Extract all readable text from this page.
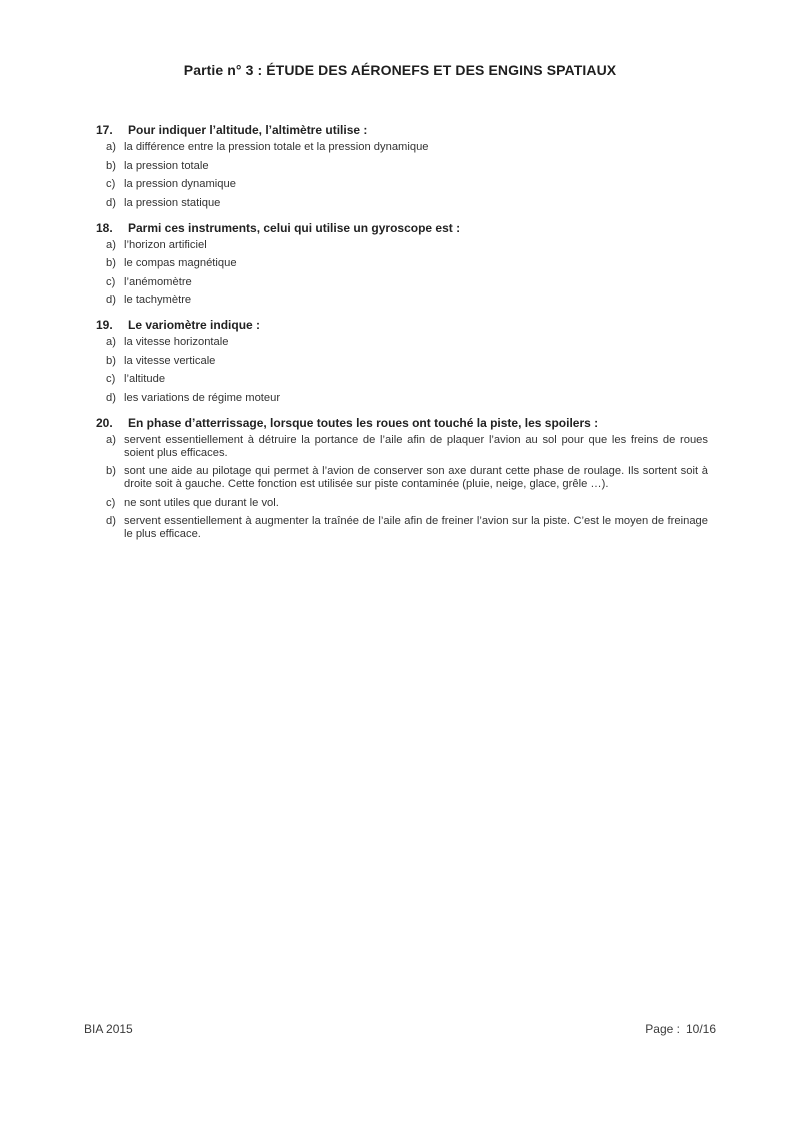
Partie n° 3 : ÉTUDE DES AÉRONEFS ET DES ENGINS SPATIAUX
17.	Pour indiquer l’altitude, l’altimètre utilise :
a) la différence entre la pression totale et la pression dynamique
b) la pression totale
c) la pression dynamique
d) la pression statique
18.	Parmi ces instruments, celui qui utilise un gyroscope est :
a) l’horizon artificiel
b) le compas magnétique
c) l’anémomètre
d) le tachymètre
19.	Le variomètre indique :
a) la vitesse horizontale
b) la vitesse verticale
c) l’altitude
d) les variations de régime moteur
20.	En phase d’atterrissage, lorsque toutes les roues ont touché la piste, les spoilers :
a) servent essentiellement à détruire la portance de l’aile afin de plaquer l’avion au sol pour que les freins de roues soient plus efficaces.
b) sont une aide au pilotage qui permet à l’avion de conserver son axe durant cette phase de roulage. Ils sortent soit à droite soit à gauche. Cette fonction est utilisée sur piste contaminée (pluie, neige, glace, grêle …).
c) ne sont utiles que durant le vol.
d) servent essentiellement à augmenter la traînée de l’aile afin de freiner l’avion sur la piste. C’est le moyen de freinage le plus efficace.
BIA 2015	Page : 10/16
